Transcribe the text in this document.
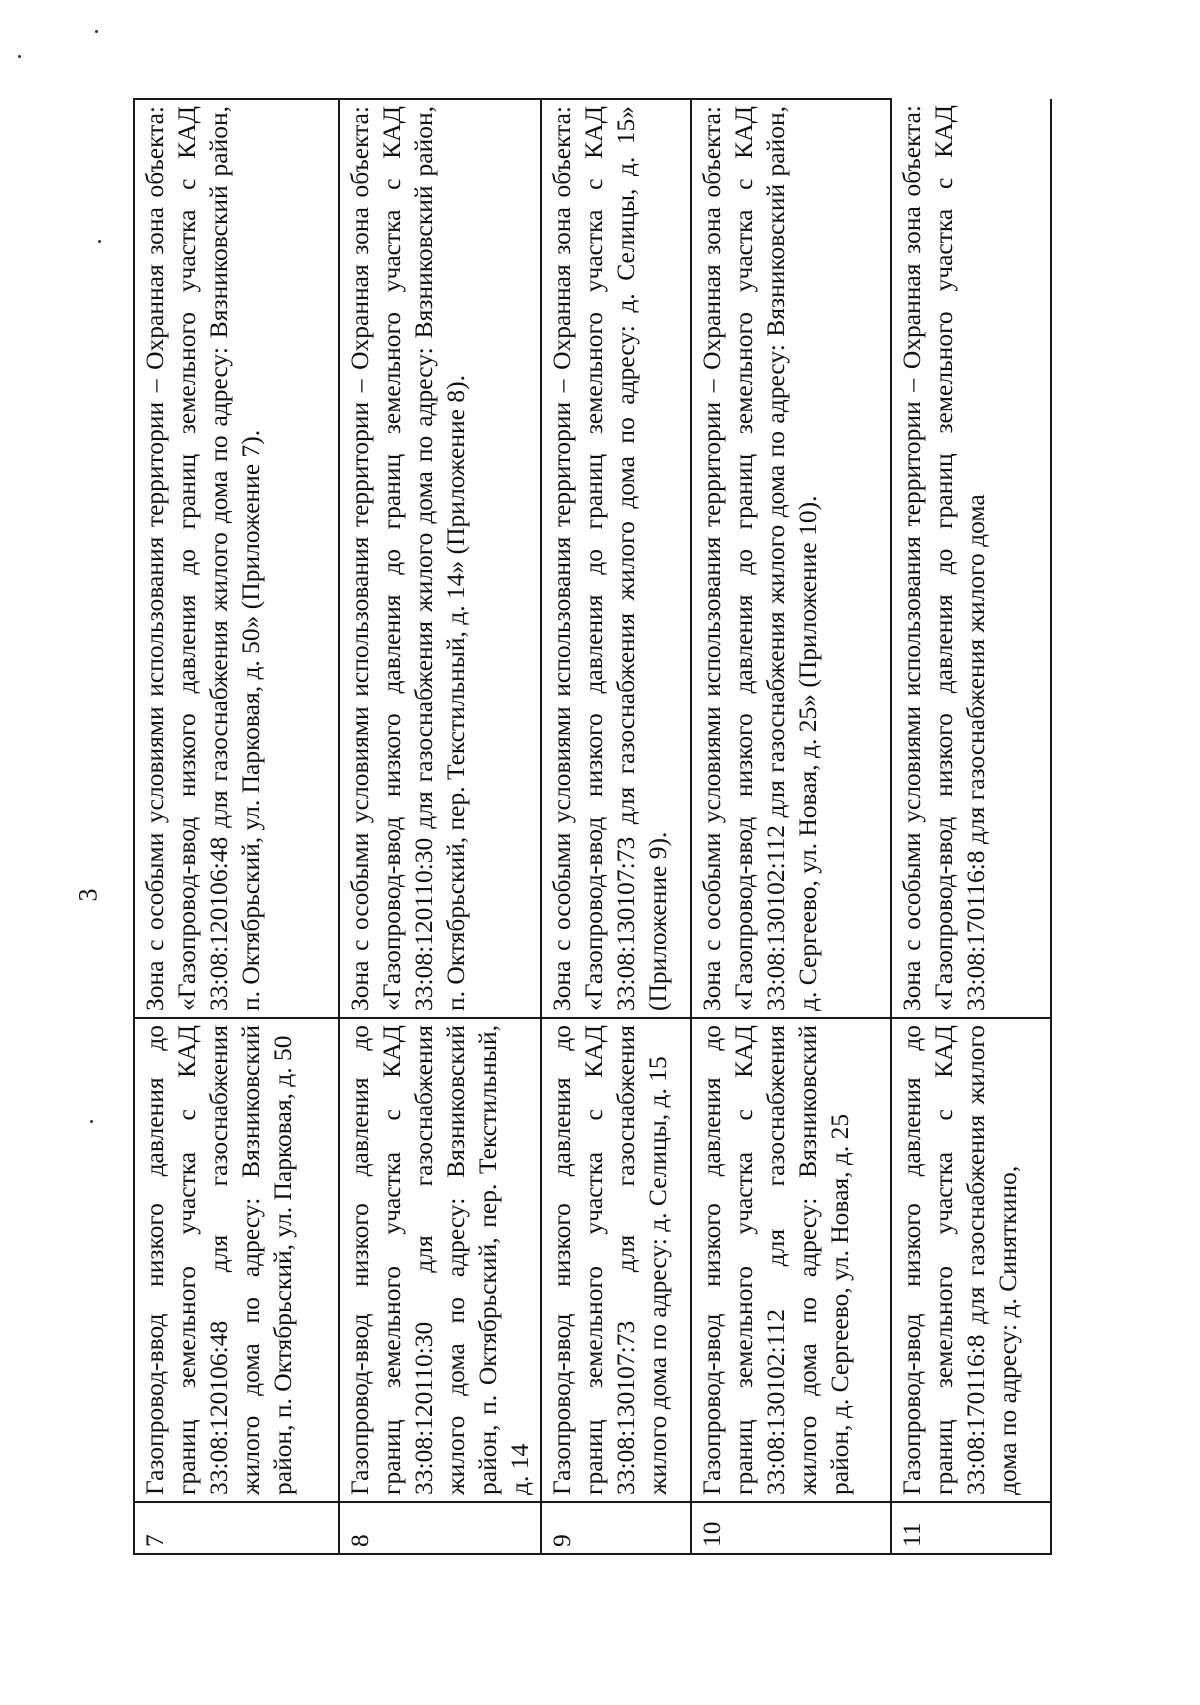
3
7	Газопровод-ввод низкого давления до границ земельного участка с КАД 33:08:120106:48 для газоснабжения жилого дома по адресу: Вязниковский район, п. Октябрьский, ул. Парковая, д. 50	Зона с особыми условиями использования территории – Охранная зона объекта: «Газопровод-ввод низкого давления до границ земельного участка с КАД 33:08:120106:48 для газоснабжения жилого дома по адресу: Вязниковский район, п. Октябрьский, ул. Парковая, д. 50» (Приложение 7).

8	Газопровод-ввод низкого давления до границ земельного участка с КАД 33:08:120110:30 для газоснабжения жилого дома по адресу: Вязниковский район, п. Октябрьский, пер. Текстильный, д. 14	Зона с особыми условиями использования территории – Охранная зона объекта: «Газопровод-ввод низкого давления до границ земельного участка с КАД 33:08:120110:30 для газоснабжения жилого дома по адресу: Вязниковский район, п. Октябрьский, пер. Текстильный, д. 14» (Приложение 8).

9	Газопровод-ввод низкого давления до границ земельного участка с КАД 33:08:130107:73 для газоснабжения жилого дома по адресу: д. Селицы, д. 15	Зона с особыми условиями использования территории – Охранная зона объекта: «Газопровод-ввод низкого давления до границ земельного участка с КАД 33:08:130107:73 для газоснабжения жилого дома по адресу: д. Селицы, д. 15» (Приложение 9).

10	Газопровод-ввод низкого давления до границ земельного участка с КАД 33:08:130102:112 для газоснабжения жилого дома по адресу: Вязниковский район, д. Сергеево, ул. Новая, д. 25	Зона с особыми условиями использования территории – Охранная зона объекта: «Газопровод-ввод низкого давления до границ земельного участка с КАД 33:08:130102:112 для газоснабжения жилого дома по адресу: Вязниковский район, д. Сергеево, ул. Новая, д. 25» (Приложение 10).

11	Газопровод-ввод низкого давления до границ земельного участка с КАД 33:08:170116:8 для газоснабжения жилого дома по адресу: д. Синяткино,	Зона с особыми условиями использования территории – Охранная зона объекта: «Газопровод-ввод низкого давления до границ земельного участка с КАД 33:08:170116:8 для газоснабжения жилого дома
